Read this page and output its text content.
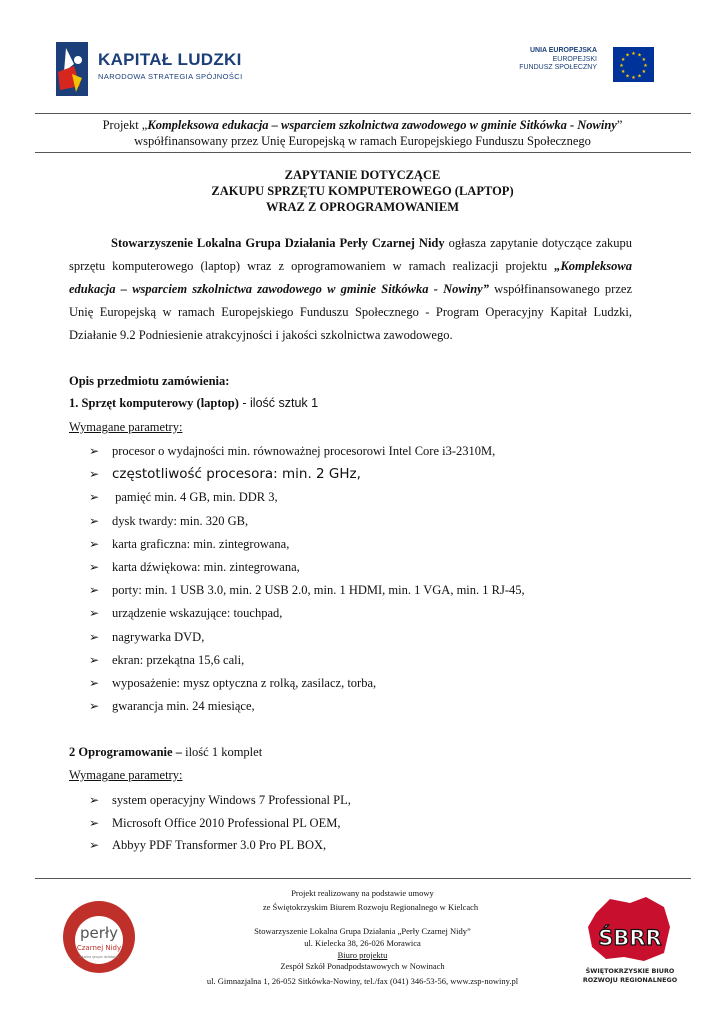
KAPITAŁ LUDZKI
NARODOWA STRATEGIA SPÓJNOŚCI
UNIA EUROPEJSKA
EUROPEJSKI
FUNDUSZ SPOŁECZNY
★ ★
★
★
★
★
★
★
★
★
★
★
Projekt „Kompleksowa edukacja – wsparciem szkolnictwa zawodowego w gminie Sitkówka - Nowiny”
współfinansowany przez Unię Europejską w ramach Europejskiego Funduszu Społecznego
ZAPYTANIE DOTYCZĄCE
ZAKUPU SPRZĘTU KOMPUTEROWEGO (LAPTOP)
WRAZ Z OPROGRAMOWANIEM
Stowarzyszenie Lokalna Grupa Działania Perły Czarnej Nidy ogłasza zapytanie dotyczące zakupu sprzętu komputerowego (laptop) wraz z oprogramowaniem w ramach realizacji projektu „Kompleksowa edukacja – wsparciem szkolnictwa zawodowego w gminie Sitkówka - Nowiny” współfinansowanego przez Unię Europejską w ramach Europejskiego Funduszu Społecznego - Program Operacyjny Kapitał Ludzki, Działanie 9.2 Podniesienie atrakcyjności i jakości szkolnictwa zawodowego.
Opis przedmiotu zamówienia:
1. Sprzęt komputerowy (laptop) - ilość sztuk 1
Wymagane parametry:
➢ procesor o wydajności min. równoważnej procesorowi Intel Core i3-2310M,
➢ częstotliwość procesora: min. 2 GHz,
➢ pamięć min. 4 GB, min. DDR 3,
➢ dysk twardy: min. 320 GB,
➢ karta graficzna: min. zintegrowana,
➢ karta dźwiękowa: min. zintegrowana,
➢ porty: min. 1 USB 3.0, min. 2 USB 2.0, min. 1 HDMI, min. 1 VGA, min. 1 RJ-45,
➢ urządzenie wskazujące: touchpad,
➢ nagrywarka DVD,
➢ ekran: przekątna 15,6 cali,
➢ wyposażenie: mysz optyczna z rolką, zasilacz, torba,
➢ gwarancja min. 24 miesiące,
2 Oprogramowanie – ilość 1 komplet
Wymagane parametry:
➢ system operacyjny Windows 7 Professional PL,
➢ Microsoft Office 2010 Professional PL OEM,
➢ Abbyy PDF Transformer 3.0 Pro PL BOX,
perły
Czarnej Nidy
lokalna grupa działania
Projekt realizowany na podstawie umowy
ze Świętokrzyskim Biurem Rozwoju Regionalnego w Kielcach
Stowarzyszenie Lokalna Grupa Działania „Perły Czarnej Nidy”
ul. Kielecka 38, 26-026 Morawica
Biuro projektu
Zespół Szkół Ponadpodstawowych w Nowinach
ul. Gimnazjalna 1, 26-052 Sitkówka-Nowiny, tel./fax (041) 346-53-56, www.zsp-nowiny.pl
ŚBRR
ŚWIĘTOKRZYSKIE BIURO
ROZWOJU REGIONALNEGO
